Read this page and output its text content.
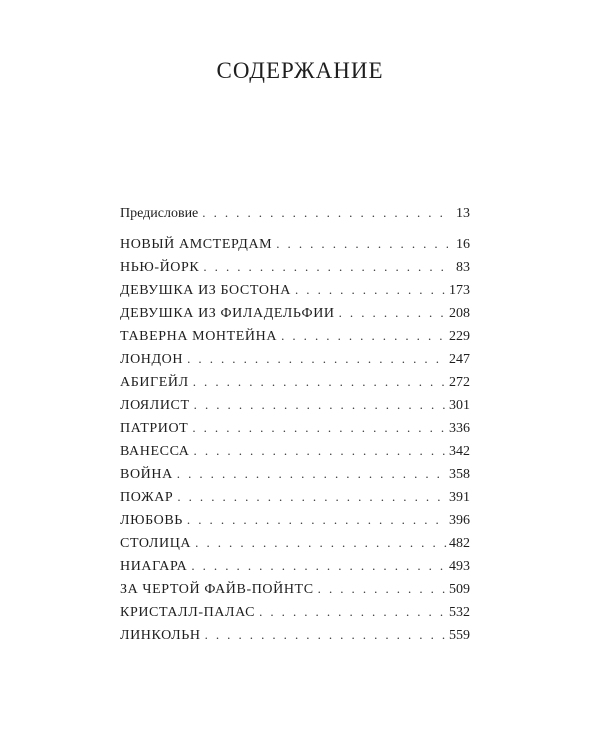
СОДЕРЖАНИЕ
Предисловие . . .	13
НОВЫЙ АМСТЕРДАМ . . .	16
НЬЮ-ЙОРК . . .	83
ДЕВУШКА ИЗ БОСТОНА . . .	173
ДЕВУШКА ИЗ ФИЛАДЕЛЬФИИ . . .	208
ТАВЕРНА МОНТЕЙНА . . .	229
ЛОНДОН . . .	247
АБИГЕЙЛ . . .	272
ЛОЯЛИСТ . . .	301
ПАТРИОТ . . .	336
ВАНЕССА . . .	342
ВОЙНА . . .	358
ПОЖАР . . .	391
ЛЮБОВЬ . . .	396
СТОЛИЦА . . .	482
НИАГАРА . . .	493
ЗА ЧЕРТОЙ ФАЙВ-ПОЙНТС . . .	509
КРИСТАЛЛ-ПАЛАС . . .	532
ЛИНКОЛЬН . . .	559
